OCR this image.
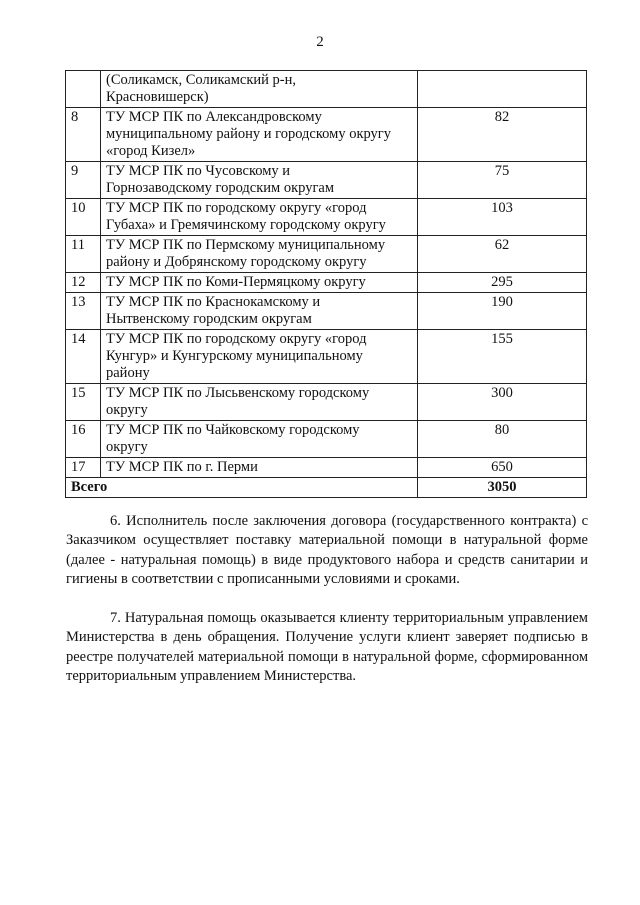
2

	(Соликамск, Соликамский р-н,
Красновишерск)	

8	ТУ МСР ПК по Александровскому
муниципальному району и городскому округу
«город Кизел»	82
9	ТУ МСР ПК по Чусовскому и
Горнозаводскому городским округам	75
10	ТУ МСР ПК по городскому округу «город
Губаха» и Гремячинскому городскому округу	103
11	ТУ МСР ПК по Пермскому муниципальному
району и Добрянскому городскому округу	62
12	ТУ МСР ПК по Коми-Пермяцкому округу	295
13	ТУ МСР ПК по Краснокамскому и
Нытвенскому городским округам	190
14	ТУ МСР ПК по городскому округу «город
Кунгур» и Кунгурскому муниципальному
району	155
15	ТУ МСР ПК по Лысьвенскому городскому
округу	300
16	ТУ МСР ПК по Чайковскому городскому
округу	80
17	ТУ МСР ПК по г. Перми	650
Всего		3050
6. Исполнитель после заключения договора (государственного контракта) с Заказчиком осуществляет поставку материальной помощи в натуральной форме (далее - натуральная помощь) в виде продуктового набора и средств санитарии и гигиены в соответствии с прописанными условиями и сроками.
7. Натуральная помощь оказывается клиенту территориальным управлением Министерства в день обращения. Получение услуги клиент заверяет подписью в реестре получателей материальной помощи в натуральной форме, сформированном территориальным управлением Министерства.
